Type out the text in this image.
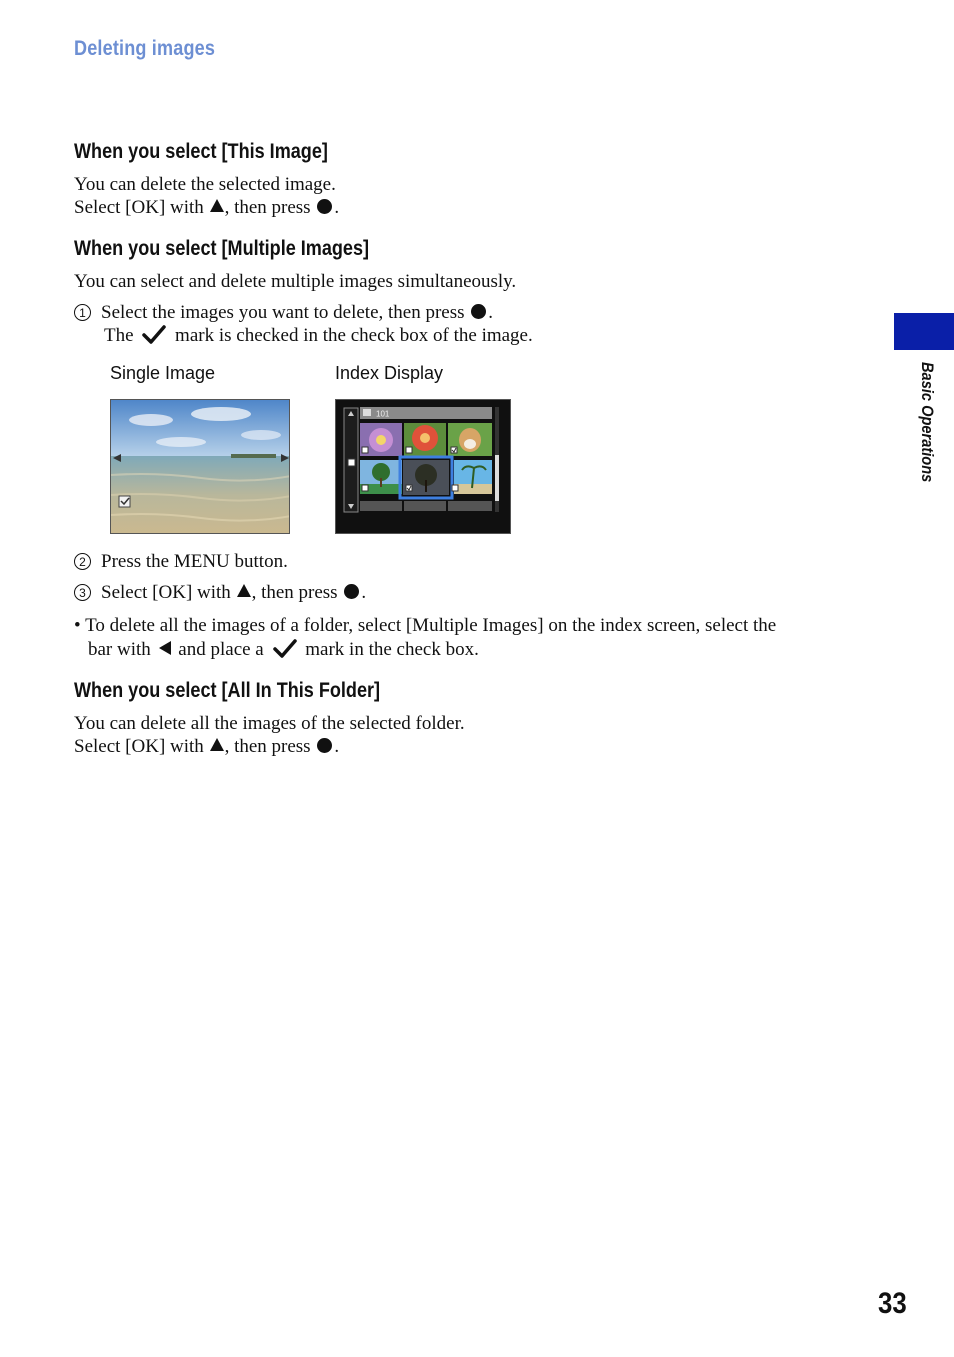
Deleting images
When you select [This Image]
You can delete the selected image.
Select [OK] with , then press .
When you select [Multiple Images]
You can select and delete multiple images simultaneously.
1 Select the images you want to delete, then press .
The mark is checked in the check box of the image.
Single Image	Index Display
101
2 Press the MENU button.
3 Select [OK] with , then press .
• To delete all the images of a folder, select [Multiple Images] on the index screen, select the
bar with and place a mark in the check box.
When you select [All In This Folder]
You can delete all the images of the selected folder.
Select [OK] with , then press .
Basic Operations
33
